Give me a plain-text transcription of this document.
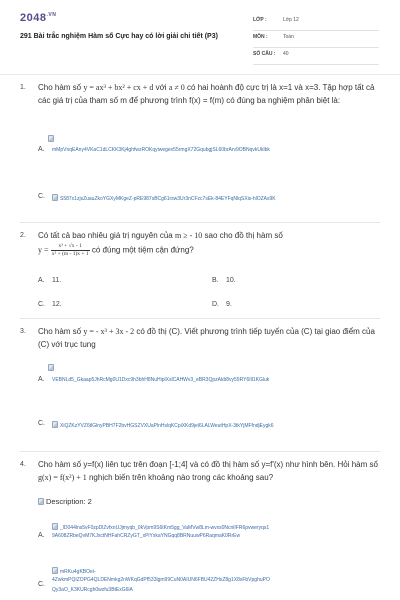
$2048^{.VN}$
291 Bài trắc nghiệm Hàm số Cực hay có lời giải chi tiết (P3)
LỚP :	Lớp 12
MÔN :	Toán
SỐ CÂU : 40
1. Cho hàm số y = ax³ + bx² + cx + d với a ≠ 0 có hai hoành độ cực trị là x=1 và x=3. Tập hợp tất cả các giá trị của tham số m để phương trình f(x) = f(m) có đúng ba nghiệm phân biệt là:
A.	mMpVnqEAny4VKaC1dLCKK3Kj4ghfwzROKqyiwegex55rmgX72GqubgjSL60brArv9OBNqvkUklbk
C.	S587x1zjsZuauZkoYGXyMKgeZ-pRE987sBCg61rsw3Ur3nCFzc7sEk-84EYFqNlqSXis-hlOZAs9K
2. Có tất cả bao nhiêu giá trị nguyên của m ≥ - 10 sao cho đồ thị hàm số
$y = \frac{\text{x² + √x - 1}}{\text{x² + (m - 1)x + 1}}$ có đúng một tiệm cận đứng?
A. 11.	B. 10.
C. 12.	D. 9.
3. Cho hàm số y = - x³ + 3x - 2 có đồ thị (C). Viết phương trình tiếp tuyến của (C) tại giao điểm của (C) với trục tung
A.	VEBNLd5_Gkaap5JhRcMg0U1Dxc9h3bhH8NuHiplXslCAHWv3_eBR3QpzAkb8vy59RY6Ill1KGluk
C.	XiQZKzYVZ6tlGlnyPBH7F2bvHGSZVXUaPlnHslqKCpiXKd9jel6LALWeutHpX-3tkYjMFfndjEygk6
4. Cho hàm số y=f(x) liên tục trên đoạn [-1;4] và có đồ thị hàm số y=f'(x) như hình bên. Hỏi hàm số g(x) = f(x²) + 1 nghịch biến trên khoảng nào trong các khoảng sau?
Description: 2
_lD044lns5vF0zpDlZvfxnUJjmyqb_0kVpm9S6tKm5gg_VaMVw8Lm-wvxs0NcnlIFR6pvweryqs1
A.	9A608ZRbeQvM7KJxctNHFahCRZyGT_xPiYxkaYNGqq8BRNuuwP6RaqmaK0RrEw
mRKu4gKBOei-
C.
4ZwkmPQIZOPG4QLDENmkg2nWKqGdPf533lgm99CuN0AIUN6FBU42ZHxZ8g1X8xFbVpghuPO
Qy3aO_K3KURcgh0wzfu3BtExG6lA
